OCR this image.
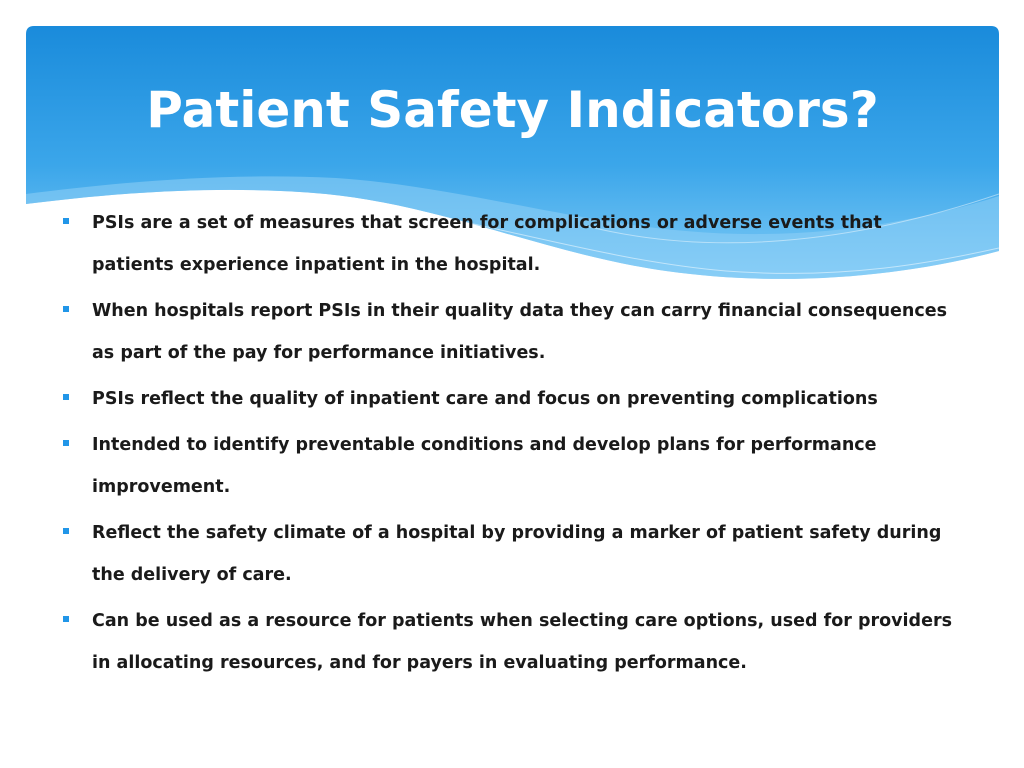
Patient Safety Indicators?
PSIs are a set of measures that screen for complications or adverse events that patients experience inpatient in the hospital.
When hospitals report PSIs in their quality data they can carry financial consequences as part of the pay for performance initiatives.
PSIs reflect the quality of inpatient care and focus on preventing complications
Intended to identify preventable conditions and develop plans for performance improvement.
Reflect the safety climate of a hospital by providing a marker of patient safety during the delivery of care.
Can be used as a resource for patients when selecting care options, used for providers in allocating resources, and for payers in evaluating performance.
